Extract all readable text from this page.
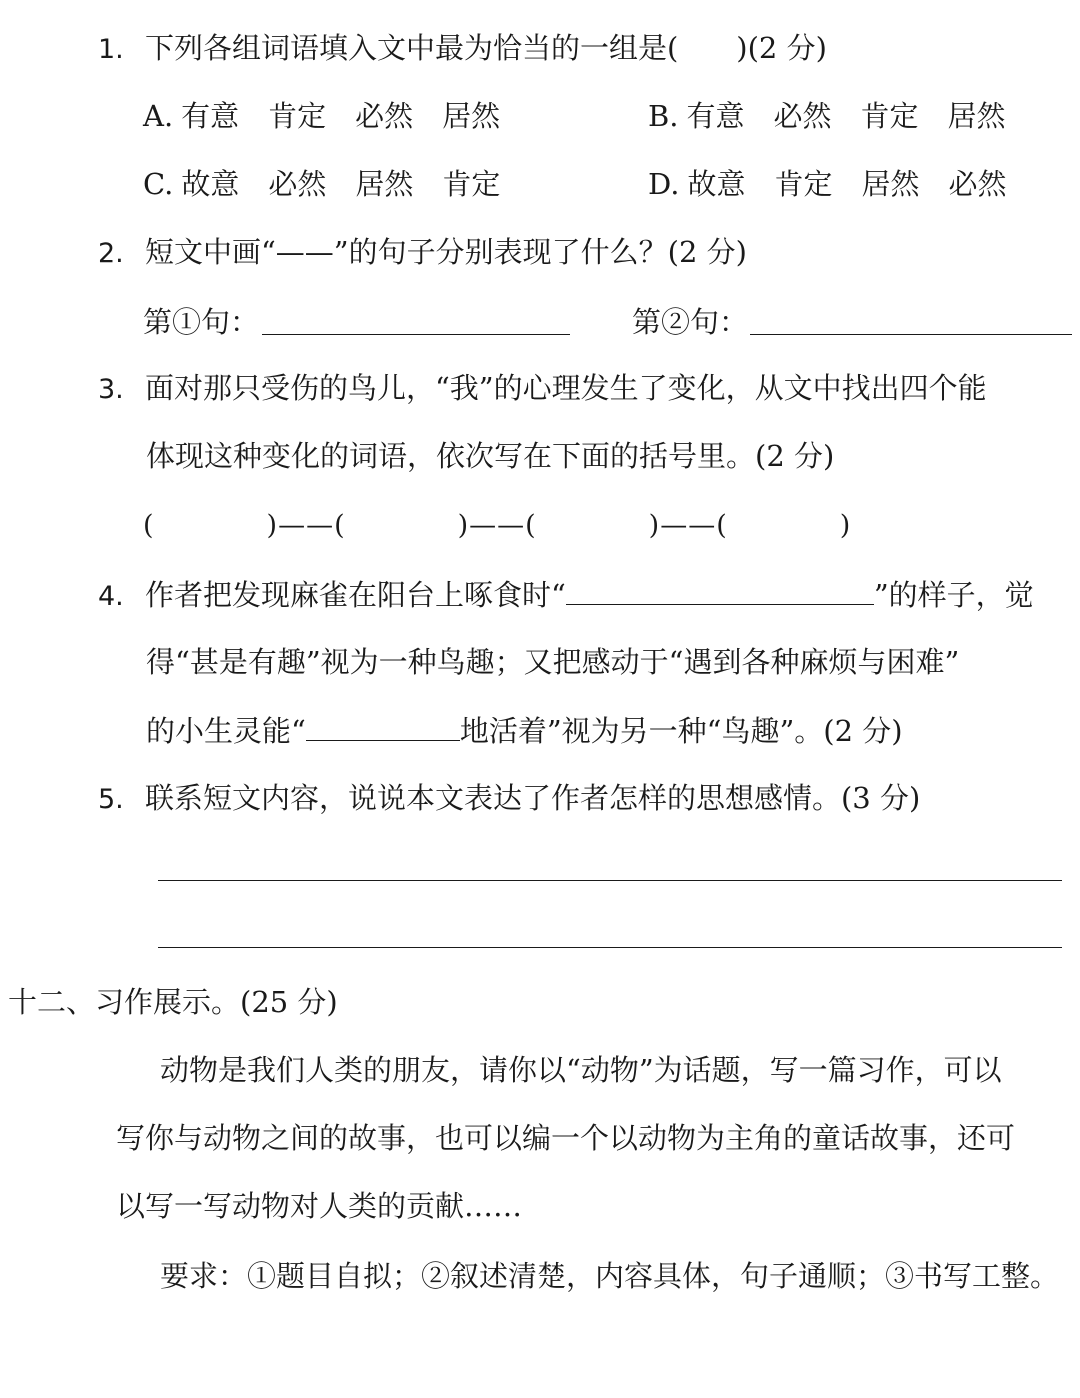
1. 下列各组词语填入文中最为恰当的一组是(　　)(2 分)
A. 有意　肯定　必然　居然	B. 有意　必然　肯定　居然
C. 故意　必然　居然　肯定	D. 故意　肯定　居然　必然
2. 短文中画“——”的句子分别表现了什么？(2 分)
第①句：	第②句：
3. 面对那只受伤的鸟儿，“我”的心理发生了变化，从文中找出四个能
体现这种变化的词语，依次写在下面的括号里。(2 分)
(　　　　)——(　　　　)——(　　　　)——(　　　　)
4. 作者把发现麻雀在阳台上啄食时“	”的样子，觉
得“甚是有趣”视为一种鸟趣；又把感动于“遇到各种麻烦与困难”
的小生灵能“	地活着”视为另一种“鸟趣”。(2 分)
5. 联系短文内容，说说本文表达了作者怎样的思想感情。(3 分)
十二、习作展示。(25 分)
动物是我们人类的朋友，请你以“动物”为话题，写一篇习作，可以
写你与动物之间的故事，也可以编一个以动物为主角的童话故事，还可
以写一写动物对人类的贡献……
要求：①题目自拟；②叙述清楚，内容具体，句子通顺；③书写工整。
